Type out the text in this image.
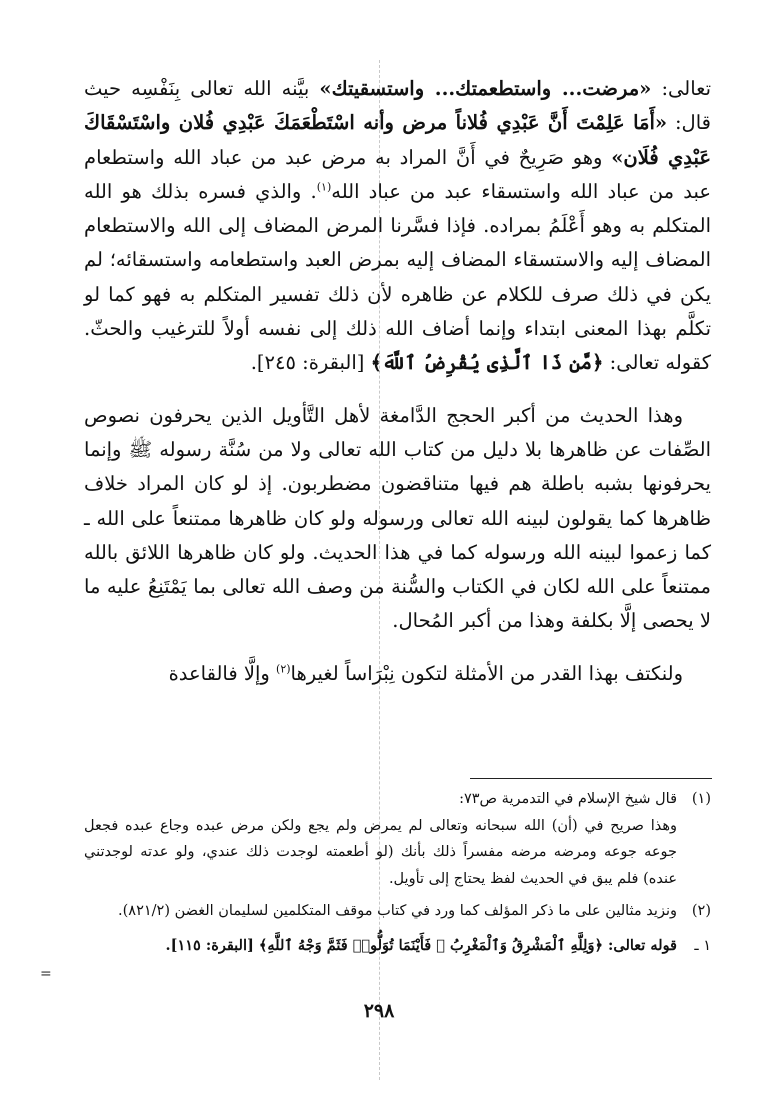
تعالى: «مرضت... واستطعمتك... واستسقيتك» بيَّنه الله تعالى بِنَفْسِه حيث قال: «أَمَا عَلِمْتَ أَنَّ عَبْدِي فُلاناً مرض وأنه اسْتَطْعَمَكَ عَبْدِي فُلان واسْتَسْقَاكَ عَبْدِي فُلَان» وهو صَرِيحٌ في أَنَّ المراد به مرض عبد من عباد الله واستطعام عبد من عباد الله واستسقاء عبد من عباد الله$^{(١)}$. والذي فسره بذلك هو الله المتكلم به وهو أَعْلَمُ بمراده. فإذا فسَّرنا المرض المضاف إلى الله والاستطعام المضاف إليه والاستسقاء المضاف إليه بمرض العبد واستطعامه واستسقائه؛ لم يكن في ذلك صرف للكلام عن ظاهره لأن ذلك تفسير المتكلم به فهو كما لو تكلَّم بهذا المعنى ابتداء وإنما أضاف الله ذلك إلى نفسه أولاً للترغيب والحثّ. كقوله تعالى: ﴿مَّن ذَا ٱلَّذِى يُقْرِضُ ٱللَّهَ﴾ [البقرة: ٢٤٥].

وهذا الحديث من أكبر الحجج الدَّامغة لأهل التَّأويل الذين يحرفون نصوص الصِّفات عن ظاهرها بلا دليل من كتاب الله تعالى ولا من سُنَّة رسوله ﷺ وإنما يحرفونها بشبه باطلة هم فيها متناقضون مضطربون. إذ لو كان المراد خلاف ظاهرها كما يقولون لبينه الله تعالى ورسوله ولو كان ظاهرها ممتنعاً على الله ـ كما زعموا لبينه الله ورسوله كما في هذا الحديث. ولو كان ظاهرها اللائق بالله ممتنعاً على الله لكان في الكتاب والسُّنة من وصف الله تعالى بما يَمْتَنِعُ عليه ما لا يحصى إلَّا بكلفة وهذا من أكبر المُحال.

ولنكتف بهذا القدر من الأمثلة لتكون نِبْرَاساً لغيرها$^{(٢)}$ وإلَّا فالقاعدة

(١)

قال شيخ الإسلام في التدمرية ص٧٣:

وهذا صريح في (أن) الله سبحانه وتعالى لم يمرض ولم يجع ولكن مرض عبده وجاع عبده فجعل جوعه جوعه ومرضه مرضه مفسراً ذلك بأنك (لو أطعمته لوجدت ذلك عندي، ولو عدته لوجدتني عنده) فلم يبق في الحديث لفظ يحتاج إلى تأويل.

(٢)

ونزيد مثالين على ما ذكر المؤلف كما ورد في كتاب موقف المتكلمين لسليمان الغضن (٨٢١/٢).

١ ـ

قوله تعالى: ﴿وَلِلَّهِ ٱلْمَشْرِقُ وَٱلْمَغْرِبُ ۚ فَأَيْنَمَا تُوَلُّوا۟ فَثَمَّ وَجْهُ ٱللَّهِ﴾ [البقرة: ١١٥].

=
٢٩٨
